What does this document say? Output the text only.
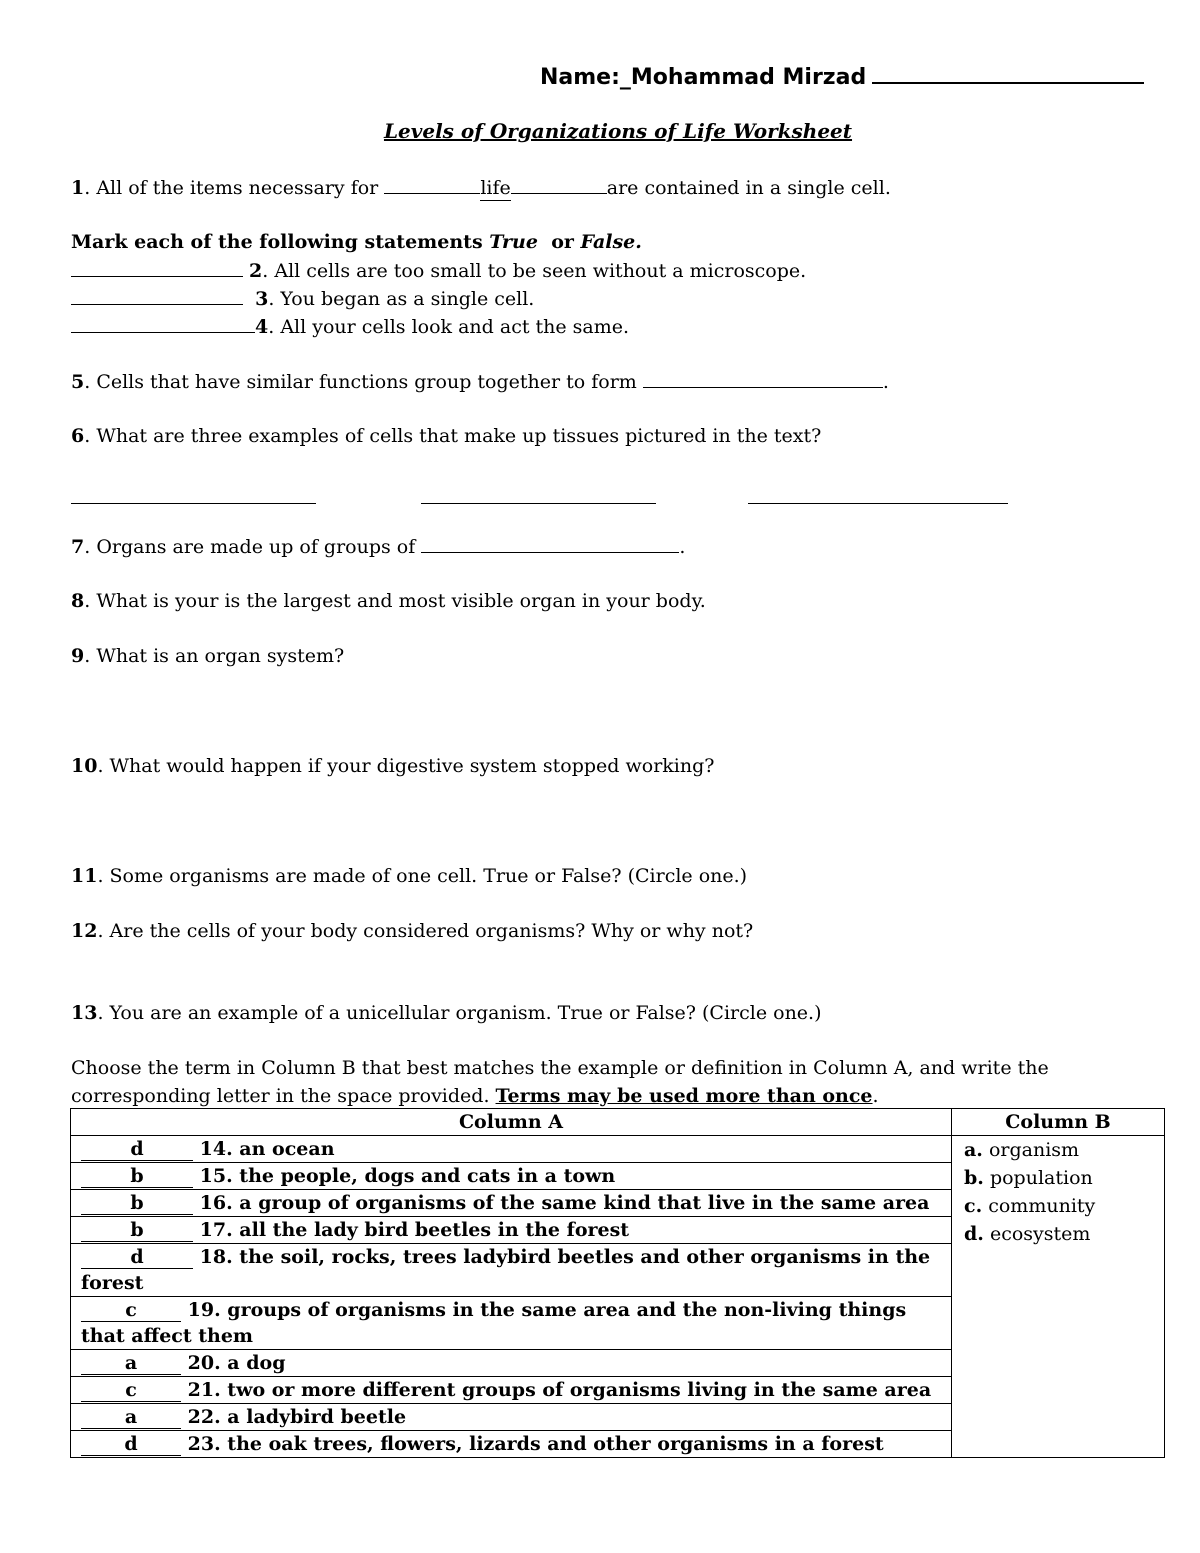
Name:_Mohammad Mirzad
Levels of Organizations of Life Worksheet
1. All of the items necessary for	life	are contained in a single cell.
Mark each of the following statements True or False.
2. All cells are too small to be seen without a microscope.
3. You began as a single cell.
4. All your cells look and act the same.
5. Cells that have similar functions group together to form	.
6. What are three examples of cells that make up tissues pictured in the text?
7. Organs are made up of groups of	.
8. What is your is the largest and most visible organ in your body.
9. What is an organ system?
10. What would happen if your digestive system stopped working?
11. Some organisms are made of one cell. True or False? (Circle one.)
12. Are the cells of your body considered organisms? Why or why not?
13. You are an example of a unicellular organism. True or False? (Circle one.)
Choose the term in Column B that best matches the example or definition in Column A, and write the
corresponding letter in the space provided. Terms may be used more than once.
Column A	Column B
d 14. an ocean	a. organism
b. population
c. community
d. ecosystem

b 15. the people, dogs and cats in a town	
b 16. a group of organisms of the same kind that live in the same area	
b 17. all the lady bird beetles in the forest	
d 18. the soil, rocks, trees ladybird beetles and other organisms in the forest	
c 19. groups of organisms in the same area and the non-living things that affect them	
a 20. a dog	
c 21. two or more different groups of organisms living in the same area	
a 22. a ladybird beetle	
d 23. the oak trees, flowers, lizards and other organisms in a forest	
